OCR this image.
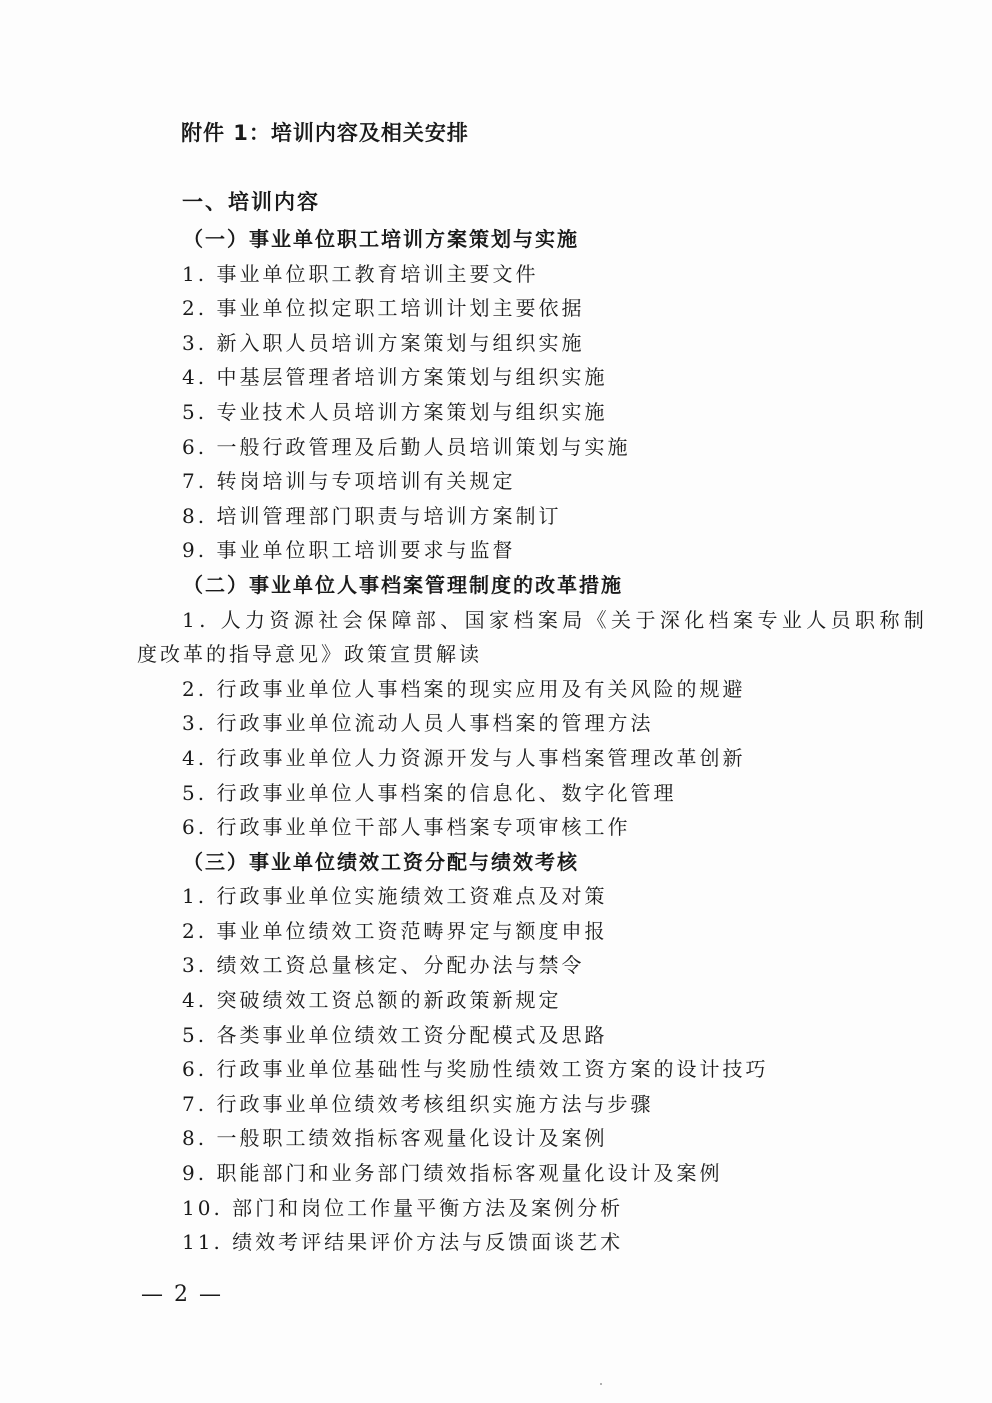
附件 1：培训内容及相关安排
一、培训内容
（一）事业单位职工培训方案策划与实施
1. 事业单位职工教育培训主要文件
2. 事业单位拟定职工培训计划主要依据
3. 新入职人员培训方案策划与组织实施
4. 中基层管理者培训方案策划与组织实施
5. 专业技术人员培训方案策划与组织实施
6. 一般行政管理及后勤人员培训策划与实施
7. 转岗培训与专项培训有关规定
8. 培训管理部门职责与培训方案制订
9. 事业单位职工培训要求与监督
（二）事业单位人事档案管理制度的改革措施
1. 人力资源社会保障部、国家档案局《关于深化档案专业人员职称制
度改革的指导意见》政策宣贯解读
2. 行政事业单位人事档案的现实应用及有关风险的规避
3. 行政事业单位流动人员人事档案的管理方法
4. 行政事业单位人力资源开发与人事档案管理改革创新
5. 行政事业单位人事档案的信息化、数字化管理
6. 行政事业单位干部人事档案专项审核工作
（三）事业单位绩效工资分配与绩效考核
1. 行政事业单位实施绩效工资难点及对策
2. 事业单位绩效工资范畴界定与额度申报
3. 绩效工资总量核定、分配办法与禁令
4. 突破绩效工资总额的新政策新规定
5. 各类事业单位绩效工资分配模式及思路
6. 行政事业单位基础性与奖励性绩效工资方案的设计技巧
7. 行政事业单位绩效考核组织实施方法与步骤
8. 一般职工绩效指标客观量化设计及案例
9. 职能部门和业务部门绩效指标客观量化设计及案例
10. 部门和岗位工作量平衡方法及案例分析
11. 绩效考评结果评价方法与反馈面谈艺术
— 2 —
